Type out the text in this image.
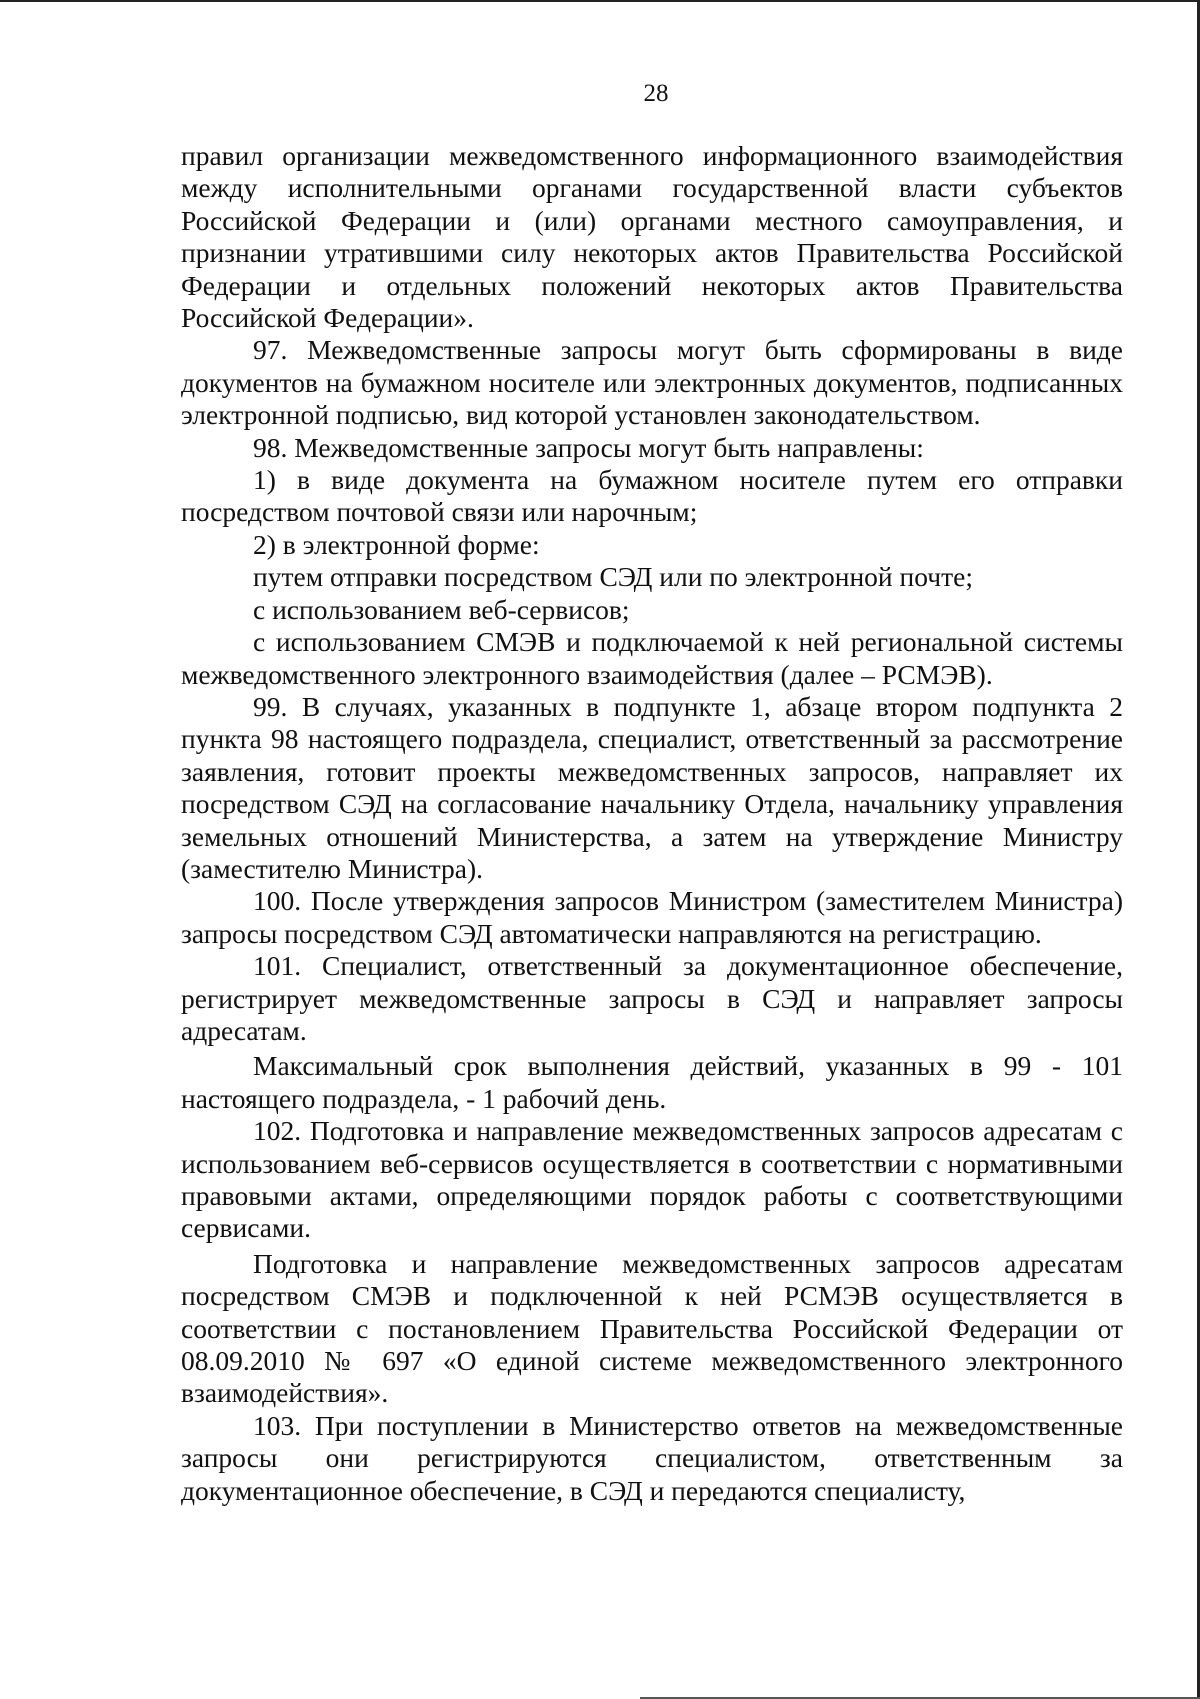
28

правил организации межведомственного информационного взаимодействия между исполнительными органами государственной власти субъектов Российской Федерации и (или) органами местного самоуправления, и признании утратившими силу некоторых актов Правительства Российской Федерации и отдельных положений некоторых актов Правительства Российской Федерации».

97. Межведомственные запросы могут быть сформированы в виде документов на бумажном носителе или электронных документов, подписанных электронной подписью, вид которой установлен законодательством.

98. Межведомственные запросы могут быть направлены:

1) в виде документа на бумажном носителе путем его отправки посредством почтовой связи или нарочным;

2) в электронной форме:

путем отправки посредством СЭД или по электронной почте;

с использованием веб-сервисов;

с использованием СМЭВ и подключаемой к ней региональной системы межведомственного электронного взаимодействия (далее – РСМЭВ).

99. В случаях, указанных в подпункте 1, абзаце втором подпункта 2 пункта 98 настоящего подраздела, специалист, ответственный за рассмотрение заявления, готовит проекты межведомственных запросов, направляет их посредством СЭД на согласование начальнику Отдела, начальнику управления земельных отношений Министерства, а затем на утверждение Министру (заместителю Министра).

100. После утверждения запросов Министром (заместителем Министра) запросы посредством СЭД автоматически направляются на регистрацию.

101. Специалист, ответственный за документационное обеспечение, регистрирует межведомственные запросы в СЭД и направляет запросы адресатам.

Максимальный срок выполнения действий, указанных в 99 - 101 настоящего подраздела, - 1 рабочий день.

102. Подготовка и направление межведомственных запросов адресатам с использованием веб-сервисов осуществляется в соответствии с нормативными правовыми актами, определяющими порядок работы с соответствующими сервисами.

Подготовка и направление межведомственных запросов адресатам посредством СМЭВ и подключенной к ней РСМЭВ осуществляется в соответствии с постановлением Правительства Российской Федерации от 08.09.2010 № 697 «О единой системе межведомственного электронного взаимодействия».

103. При поступлении в Министерство ответов на межведомственные запросы они регистрируются специалистом, ответственным за документационное обеспечение, в СЭД и передаются специалисту,
